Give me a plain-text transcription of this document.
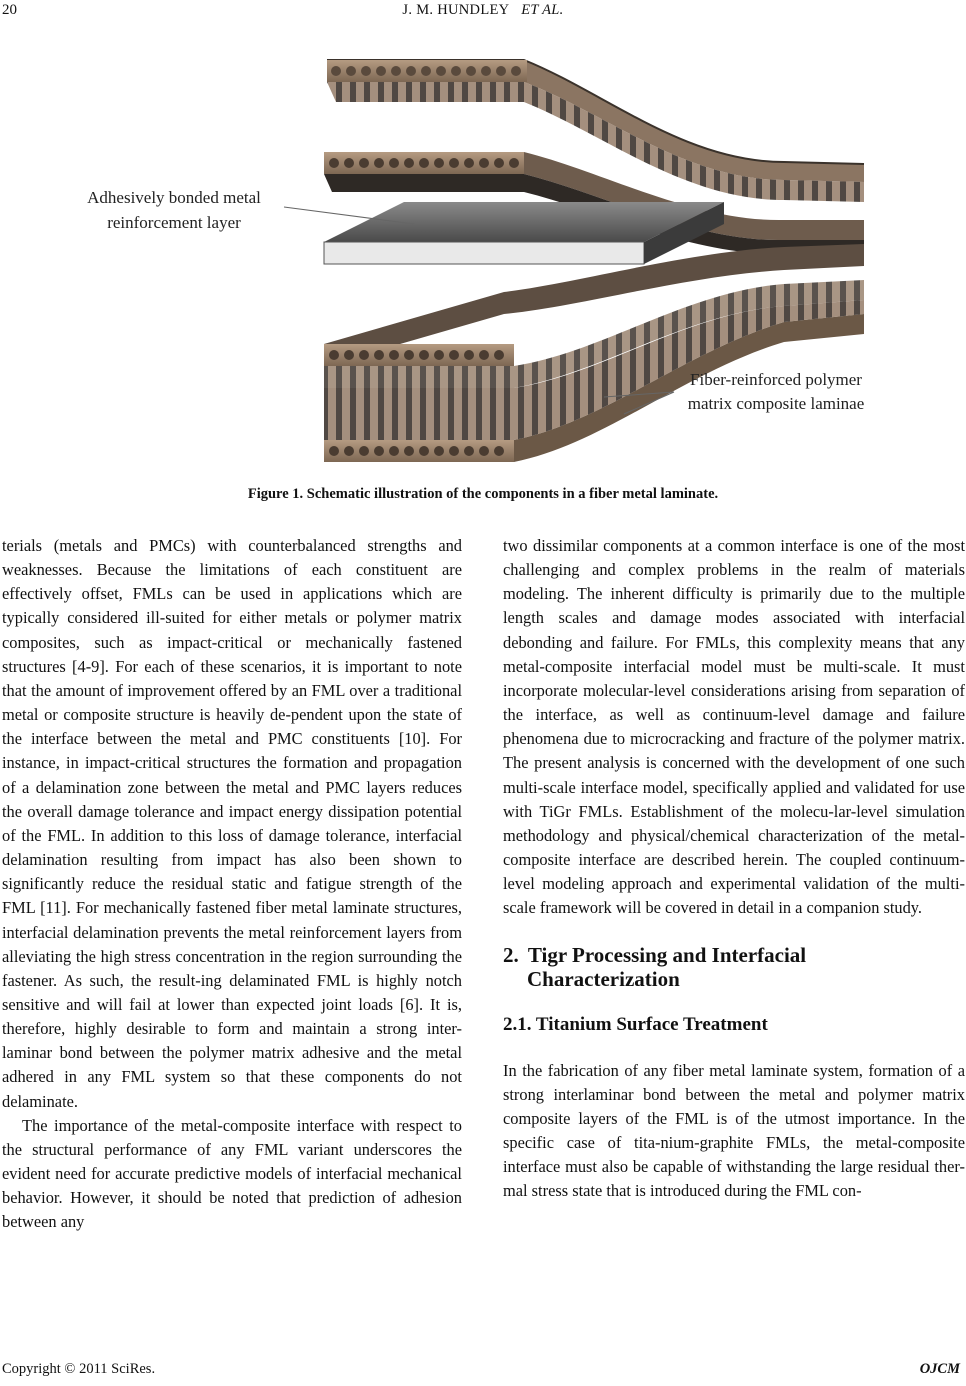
20	J. M. HUNDLEY ET AL.
Adhesively bonded metal
reinforcement layer
Fiber-reinforced polymer
matrix composite laminae
Figure 1. Schematic illustration of the components in a fiber metal laminate.

terials (metals and PMCs) with counterbalanced strengths and weaknesses. Because the limitations of each constituent are effectively offset, FMLs can be used in applications which are typically considered ill-suited for either metals or polymer matrix composites, such as impact-critical or mechanically fastened structures [4-9]. For each of these scenarios, it is important to note that the amount of improvement offered by an FML over a traditional metal or composite structure is heavily de-pendent upon the state of the interface between the metal and PMC constituents [10]. For instance, in impact-critical structures the formation and propagation of a delamination zone between the metal and PMC layers reduces the overall damage tolerance and impact energy dissipation potential of the FML. In addition to this loss of damage tolerance, interfacial delamination resulting from impact has also been shown to significantly reduce the residual static and fatigue strength of the FML [11]. For mechanically fastened fiber metal laminate structures, interfacial delamination prevents the metal reinforcement layers from alleviating the high stress concentration in the region surrounding the fastener. As such, the result-ing delaminated FML is highly notch sensitive and will fail at lower than expected joint loads [6]. It is, therefore, highly desirable to form and maintain a strong inter-laminar bond between the polymer matrix adhesive and the metal adhered in any FML system so that these components do not delaminate.

The importance of the metal-composite interface with respect to the structural performance of any FML variant underscores the evident need for accurate predictive models of interfacial mechanical behavior. However, it should be noted that prediction of adhesion between any

two dissimilar components at a common interface is one of the most challenging and complex problems in the realm of materials modeling. The inherent difficulty is primarily due to the multiple length scales and damage modes associated with interfacial debonding and failure. For FMLs, this complexity means that any metal-composite interfacial model must be multi-scale. It must incorporate molecular-level considerations arising from separation of the interface, as well as continuum-level damage and failure phenomena due to microcracking and fracture of the polymer matrix. The present analysis is concerned with the development of one such multi-scale interface model, specifically applied and validated for use with TiGr FMLs. Establishment of the molecu-lar-level simulation methodology and physical/chemical characterization of the metal-composite interface are described herein. The coupled continuum-level modeling approach and experimental validation of the multi-scale framework will be covered in detail in a companion study.

2. Tigr Processing and Interfacial
Characterization
2.1. Titanium Surface Treatment

In the fabrication of any fiber metal laminate system, formation of a strong interlaminar bond between the metal and polymer matrix composite layers of the FML is of the utmost importance. In the specific case of tita-nium-graphite FMLs, the metal-composite interface must also be capable of withstanding the large residual ther-mal stress state that is introduced during the FML con-

Copyright © 2011 SciRes.	OJCM
